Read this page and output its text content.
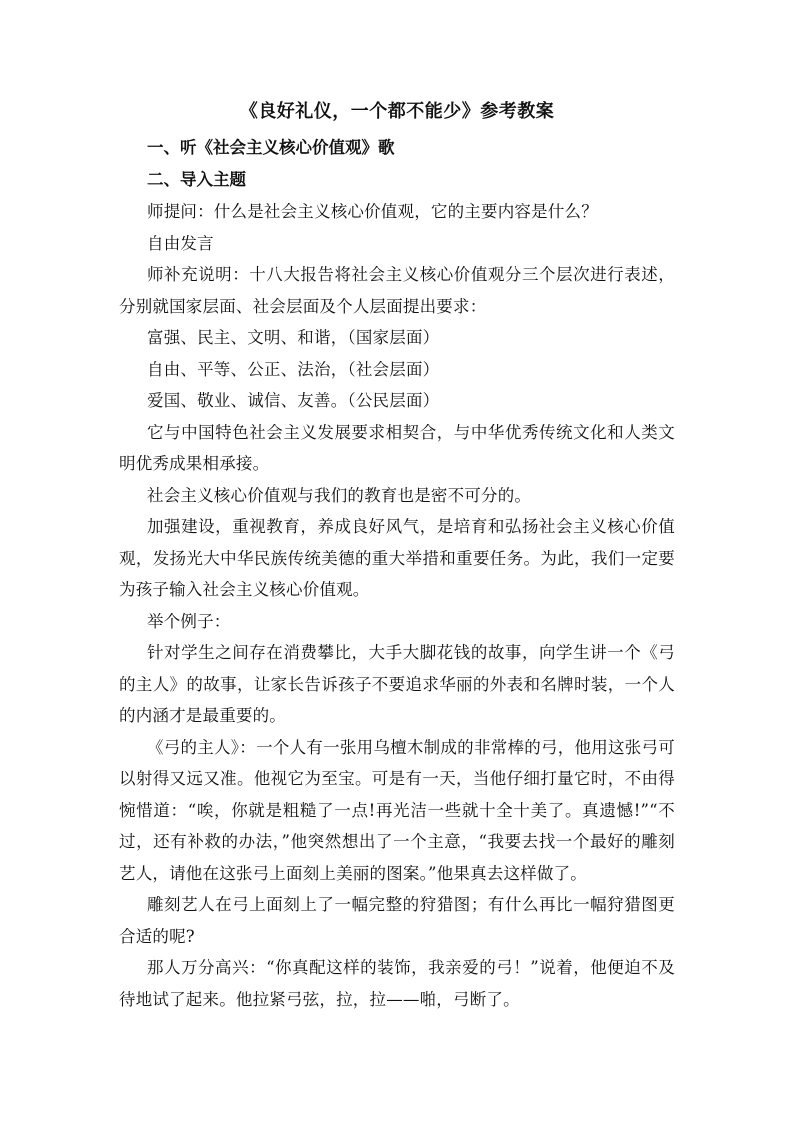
《良好礼仪，一个都不能少》参考教案

一、听《社会主义核心价值观》歌

二、导入主题

师提问：什么是社会主义核心价值观，它的主要内容是什么？

自由发言

师补充说明：十八大报告将社会主义核心价值观分三个层次进行表述，分别就国家层面、社会层面及个人层面提出要求：

富强、民主、文明、和谐，（国家层面）

自由、平等、公正、法治，（社会层面）

爱国、敬业、诚信、友善。（公民层面）

它与中国特色社会主义发展要求相契合，与中华优秀传统文化和人类文明优秀成果相承接。

社会主义核心价值观与我们的教育也是密不可分的。

加强建设，重视教育，养成良好风气，是培育和弘扬社会主义核心价值观，发扬光大中华民族传统美德的重大举措和重要任务。为此，我们一定要为孩子输入社会主义核心价值观。

举个例子：

针对学生之间存在消费攀比，大手大脚花钱的故事，向学生讲一个《弓的主人》的故事，让家长告诉孩子不要追求华丽的外表和名牌时装，一个人的内涵才是最重要的。

《弓的主人》：一个人有一张用乌檀木制成的非常棒的弓，他用这张弓可以射得又远又准。他视它为至宝。可是有一天，当他仔细打量它时，不由得惋惜道：“唉，你就是粗糙了一点!再光洁一些就十全十美了。真遗憾!”“不过，还有补救的办法，”他突然想出了一个主意，“我要去找一个最好的雕刻艺人，请他在这张弓上面刻上美丽的图案。”他果真去这样做了。

雕刻艺人在弓上面刻上了一幅完整的狩猎图；有什么再比一幅狩猎图更合适的呢?

那人万分高兴：“你真配这样的装饰，我亲爱的弓！”说着，他便迫不及待地试了起来。他拉紧弓弦，拉，拉——啪，弓断了。
